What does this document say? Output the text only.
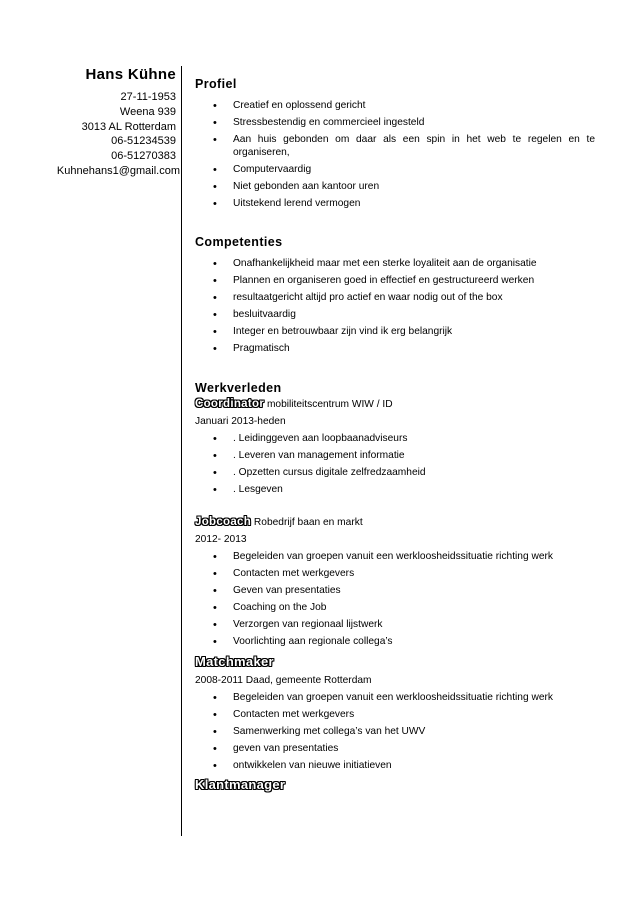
Hans Kühne
27-11-1953
Weena 939
3013 AL Rotterdam
06-51234539
06-51270383
Kuhnehans1@gmail.com
Profiel
• Creatief en oplossend gericht
• Stressbestendig en commercieel ingesteld
• Aan huis gebonden om daar als een spin in het web te regelen en te organiseren,
• Computervaardig
• Niet gebonden aan kantoor uren
• Uitstekend lerend vermogen
Competenties
• Onafhankelijkheid maar met een sterke loyaliteit aan de organisatie
• Plannen en organiseren goed in effectief en gestructureerd werken
• resultaatgericht altijd pro actief en waar nodig out of the box
• besluitvaardig
• Integer en betrouwbaar zijn vind ik erg belangrijk
• Pragmatisch
Werkverleden
Coordinator mobiliteitscentrum WIW / ID
Januari 2013-heden
• . Leidinggeven aan loopbaanadviseurs
• . Leveren van management informatie
• . Opzetten cursus digitale zelfredzaamheid
• . Lesgeven
Jobcoach Robedrijf baan en markt
2012- 2013
• Begeleiden van groepen vanuit een werkloosheidssituatie richting werk
• Contacten met werkgevers
• Geven van presentaties
• Coaching on the Job
• Verzorgen van regionaal lijstwerk
• Voorlichting aan regionale collega’s
Matchmaker
2008-2011 Daad, gemeente Rotterdam
• Begeleiden van groepen vanuit een werkloosheidssituatie richting werk
• Contacten met werkgevers
• Samenwerking met collega’s van het UWV
• geven van presentaties
• ontwikkelen van nieuwe initiatieven
Klantmanager
